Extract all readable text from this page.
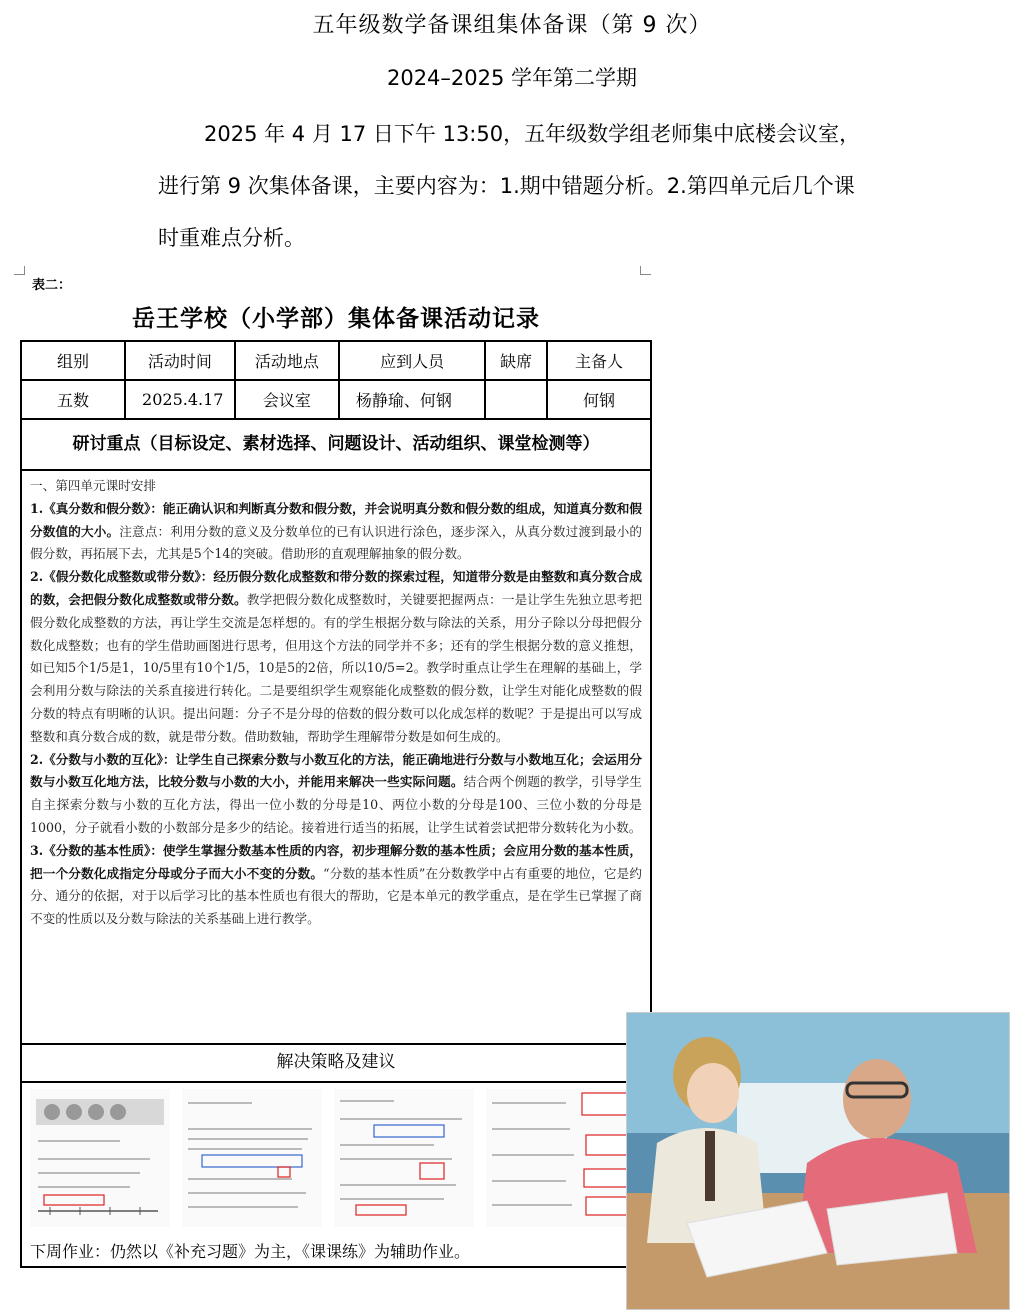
五年级数学备课组集体备课（第 9 次）
2024–2025 学年第二学期
2025 年 4 月 17 日下午 13:50，五年级数学组老师集中底楼会议室，进行第 9 次集体备课，主要内容为：1.期中错题分析。2.第四单元后几个课时重难点分析。
表二：
岳王学校（小学部）集体备课活动记录
组别	活动时间	活动地点	应到人员	缺席	主备人
五数	2025.4.17	会议室	杨静瑜、何钢		何钢
研讨重点（目标设定、素材选择、问题设计、活动组织、课堂检测等）

一、第四单元课时安排

1.《真分数和假分数》：能正确认识和判断真分数和假分数，并会说明真分数和假分数的组成，知道真分数和假分数值的大小。注意点：利用分数的意义及分数单位的已有认识进行涂色，逐步深入，从真分数过渡到最小的假分数，再拓展下去，尤其是5个14的突破。借助形的直观理解抽象的假分数。

2.《假分数化成整数或带分数》：经历假分数化成整数和带分数的探索过程，知道带分数是由整数和真分数合成的数，会把假分数化成整数或带分数。教学把假分数化成整数时，关键要把握两点：一是让学生先独立思考把假分数化成整数的方法，再让学生交流是怎样想的。有的学生根据分数与除法的关系，用分子除以分母把假分数化成整数；也有的学生借助画图进行思考，但用这个方法的同学并不多；还有的学生根据分数的意义推想，如已知5个1/5是1，10/5里有10个1/5，10是5的2倍，所以10/5=2。教学时重点让学生在理解的基础上，学会利用分数与除法的关系直接进行转化。二是要组织学生观察能化成整数的假分数，让学生对能化成整数的假分数的特点有明晰的认识。提出问题：分子不是分母的倍数的假分数可以化成怎样的数呢？于是提出可以写成整数和真分数合成的数，就是带分数。借助数轴，帮助学生理解带分数是如何生成的。

2.《分数与小数的互化》：让学生自己探索分数与小数互化的方法，能正确地进行分数与小数地互化；会运用分数与小数互化地方法，比较分数与小数的大小，并能用来解决一些实际问题。结合两个例题的教学，引导学生自主探索分数与小数的互化方法，得出一位小数的分母是10、两位小数的分母是100、三位小数的分母是1000，分子就看小数的小数部分是多少的结论。接着进行适当的拓展，让学生试着尝试把带分数转化为小数。

3.《分数的基本性质》：使学生掌握分数基本性质的内容，初步理解分数的基本性质；会应用分数的基本性质，把一个分数化成指定分母或分子而大小不变的分数。“分数的基本性质”在分数教学中占有重要的地位，它是约分、通分的依据，对于以后学习比的基本性质也有很大的帮助，它是本单元的教学重点，是在学生已掌握了商不变的性质以及分数与除法的关系基础上进行教学。

解决策略及建议
下周作业：仍然以《补充习题》为主，《课课练》为辅助作业。
